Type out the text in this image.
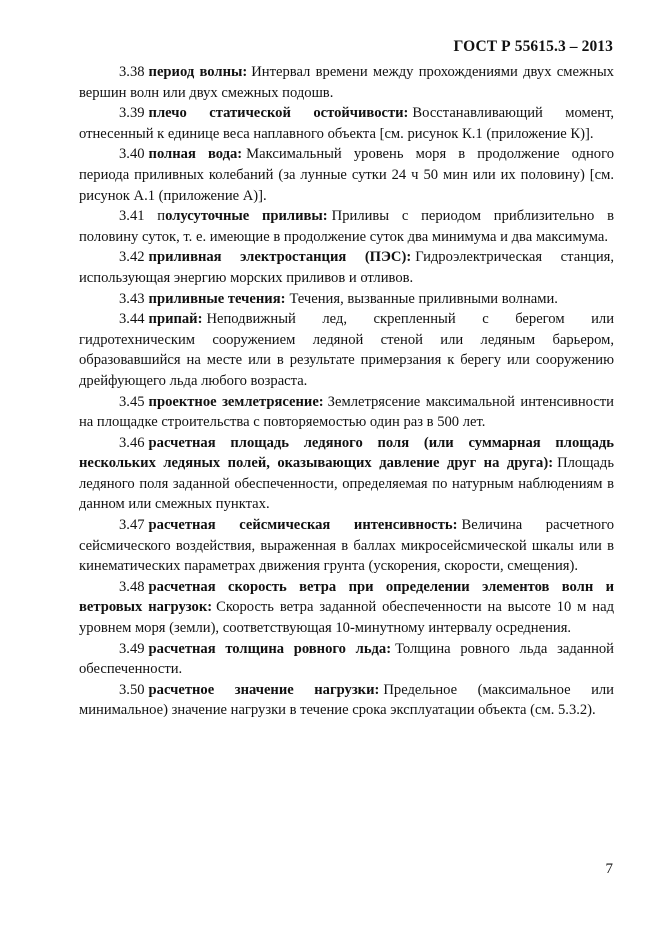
ГОСТ Р 55615.3 – 2013

3.38 период волны: Интервал времени между прохождениями двух смежных вершин волн или двух смежных подошв.

3.39 плечо статической остойчивости: Восстанавливающий момент, отнесенный к единице веса наплавного объекта [см. рисунок К.1 (приложение К)].

3.40 полная вода: Максимальный уровень моря в продолжение одного периода приливных колебаний (за лунные сутки 24 ч 50 мин или их половину) [см. рисунок А.1 (приложение А)].

3.41 полусуточные приливы: Приливы с периодом приблизительно в половину суток, т. е. имеющие в продолжение суток два минимума и два максимума.

3.42 приливная электростанция (ПЭС): Гидроэлектрическая станция, использующая энергию морских приливов и отливов.

3.43 приливные течения: Течения, вызванные приливными волнами.

3.44 припай: Неподвижный лед, скрепленный с берегом или гидротехническим сооружением ледяной стеной или ледяным барьером, образовавшийся на месте или в результате примерзания к берегу или сооружению дрейфующего льда любого возраста.

3.45 проектное землетрясение: Землетрясение максимальной интенсивности на площадке строительства с повторяемостью один раз в 500 лет.

3.46 расчетная площадь ледяного поля (или суммарная площадь нескольких ледяных полей, оказывающих давление друг на друга): Площадь ледяного поля заданной обеспеченности, определяемая по натурным наблюдениям в данном или смежных пунктах.

3.47 расчетная сейсмическая интенсивность: Величина расчетного сейсмического воздействия, выраженная в баллах микросейсмической шкалы или в кинематических параметрах движения грунта (ускорения, скорости, смещения).

3.48 расчетная скорость ветра при определении элементов волн и ветровых нагрузок: Скорость ветра заданной обеспеченности на высоте 10 м над уровнем моря (земли), соответствующая 10-минутному интервалу осреднения.

3.49 расчетная толщина ровного льда: Толщина ровного льда заданной обеспеченности.

3.50 расчетное значение нагрузки: Предельное (максимальное или минимальное) значение нагрузки в течение срока эксплуатации объекта (см. 5.3.2).

7
